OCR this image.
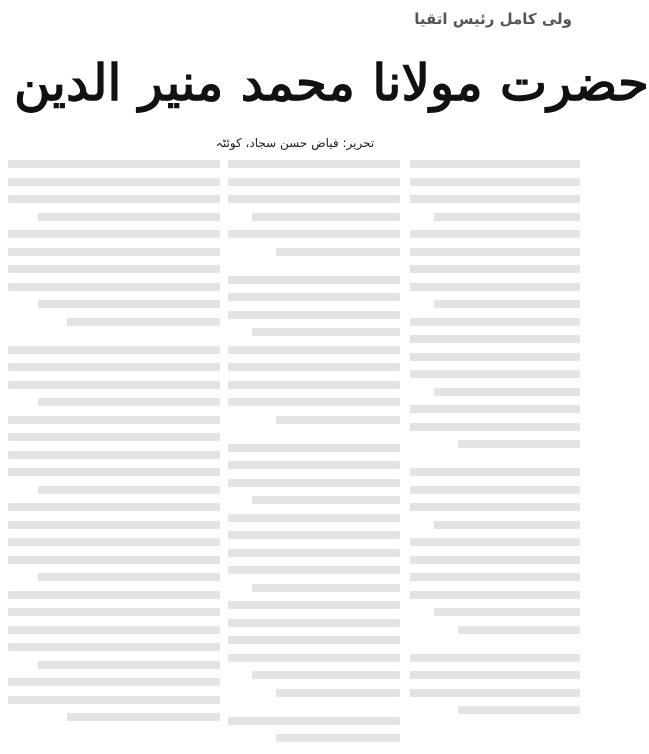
ولی کامل رئیس اتقیا
حضرت مولانا محمد منیر الدین
تحریر: فیاض حسن سجاد، کوئٹہ
